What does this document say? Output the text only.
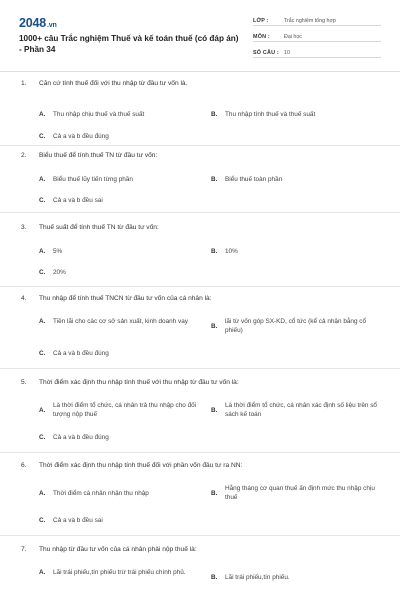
2048.vn
1000+ câu Trắc nghiệm Thuế và kế toán thuế (có đáp án) - Phần 34
LỚP :	Trắc nghiệm tổng hợp
MÔN :	Đại học
SỐ CÂU : 10
1. Căn cứ tính thuế đối với thu nhập từ đầu tư vốn là.
A.	Thu nhập chịu thuế và thuế suất	B.	Thu nhập tính thuế và thuế suất
C.	Cả a và b đều đúng
2. Biểu thuế để tính thuế TN từ đầu tư vốn:
A.	Biểu thuế lũy tiến từng phần	B.	Biểu thuế toàn phần
C.	Cả a và b đều sai
3. Thuế suất để tính thuế TN từ đầu tư vốn:
A.	5%	B.	10%
C.	20%
4. Thu nhập để tính thuế TNCN từ đầu tư vốn của cá nhân là:
A.	Tiền lãi cho các cơ sở sản xuất, kinh doanh vay
B.
lãi từ vốn góp SX-KD, cổ tức (kể cả nhận bằng cổ phiếu)
C.	Cả a và b đều đúng
5. Thời điểm xác định thu nhập tính thuế với thu nhập từ đầu tư vốn là:
A.
Là thời điểm tổ chức, cá nhân trả thu nhập cho đối tượng nộp thuế
B.
Là thời điểm tổ chức, cá nhân xác định số liệu trên sổ sách kế toán
C.	Cả a và b đều đúng
6. Thời điểm xác định thu nhập tính thuế đối với phần vốn đầu tư ra NN:
A.	Thời điểm cá nhân nhận thu nhập	B.
Hằng tháng cơ quan thuế ấn định mức thu nhập chịu thuế
C.	Cả a và b đều sai
7. Thu nhập từ đầu tư vốn của cá nhân phải nộp thuế là:
A.	Lãi trái phiếu,tín phiếu trừ trái phiếu chính phủ.
B.	Lãi trái phiếu,tín phiếu.
